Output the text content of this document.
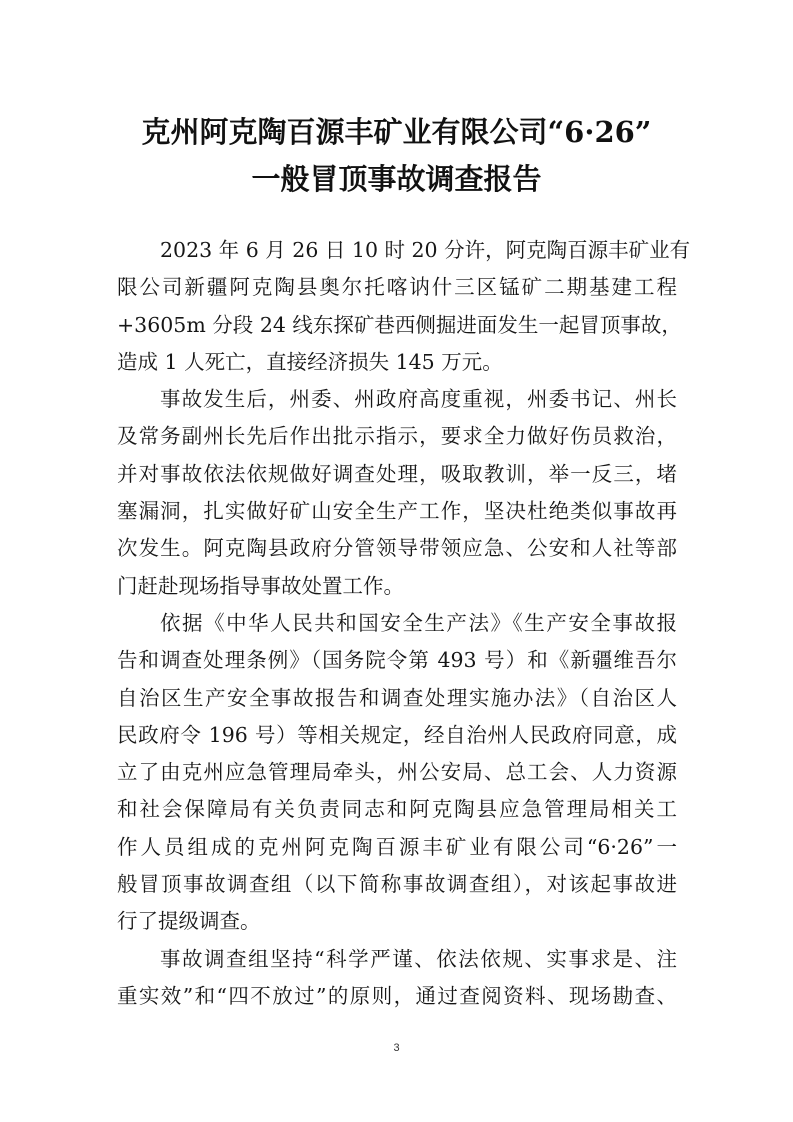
克州阿克陶百源丰矿业有限公司“6·26”
一般冒顶事故调查报告
2023 年 6 月 26 日 10 时 20 分许，阿克陶百源丰矿业有
限公司新疆阿克陶县奥尔托喀讷什三区锰矿二期基建工程
+3605m 分段 24 线东探矿巷西侧掘进面发生一起冒顶事故，
造成 1 人死亡，直接经济损失 145 万元。
事故发生后，州委、州政府高度重视，州委书记、州长
及常务副州长先后作出批示指示，要求全力做好伤员救治，
并对事故依法依规做好调查处理，吸取教训，举一反三，堵
塞漏洞，扎实做好矿山安全生产工作，坚决杜绝类似事故再
次发生。阿克陶县政府分管领导带领应急、公安和人社等部
门赶赴现场指导事故处置工作。
依据《中华人民共和国安全生产法》《生产安全事故报
告和调查处理条例》（国务院令第 493 号）和《新疆维吾尔
自治区生产安全事故报告和调查处理实施办法》（自治区人
民政府令 196 号）等相关规定，经自治州人民政府同意，成
立了由克州应急管理局牵头，州公安局、总工会、人力资源
和社会保障局有关负责同志和阿克陶县应急管理局相关工
作人员组成的克州阿克陶百源丰矿业有限公司“6·26”一
般冒顶事故调查组（以下简称事故调查组），对该起事故进
行了提级调查。
事故调查组坚持“科学严谨、依法依规、实事求是、注
重实效”和“四不放过”的原则，通过查阅资料、现场勘查、
3
